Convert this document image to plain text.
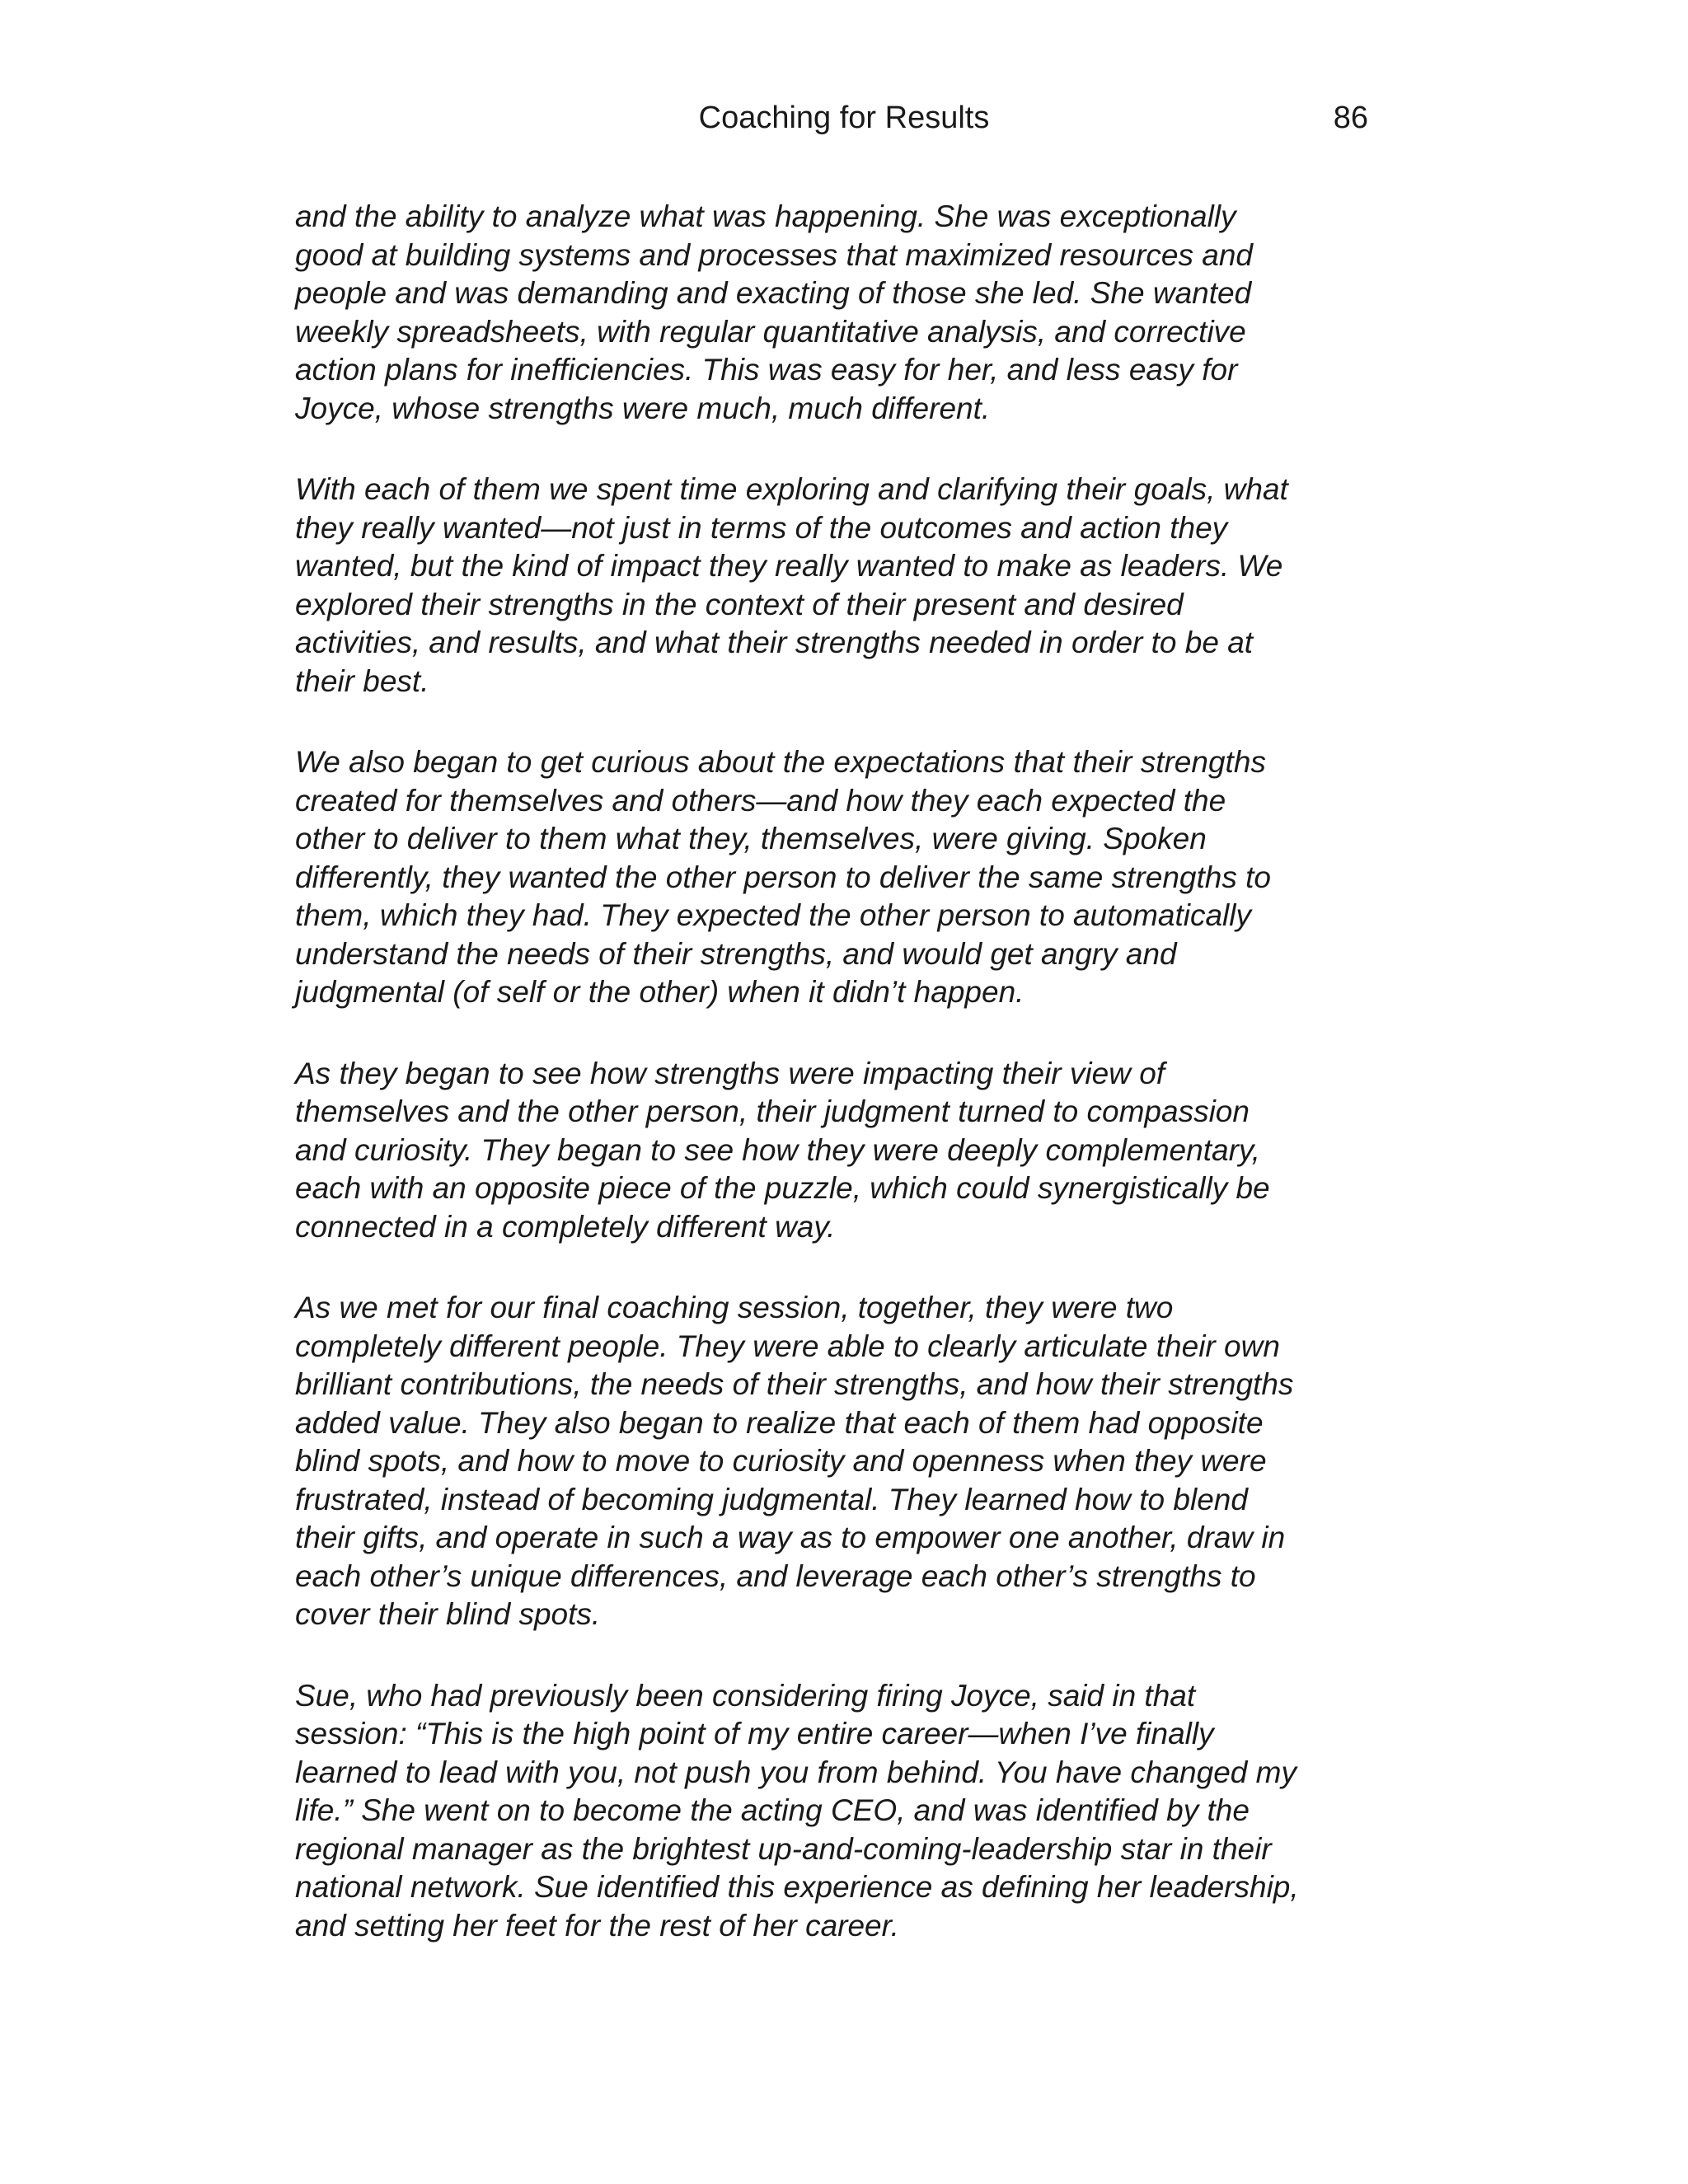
Coaching for Results	86

and the ability to analyze what was happening. She was exceptionally
good at building systems and processes that maximized resources and
people and was demanding and exacting of those she led. She wanted
weekly spreadsheets, with regular quantitative analysis, and corrective
action plans for inefficiencies. This was easy for her, and less easy for
Joyce, whose strengths were much, much different.

With each of them we spent time exploring and clarifying their goals, what
they really wanted—not just in terms of the outcomes and action they
wanted, but the kind of impact they really wanted to make as leaders. We
explored their strengths in the context of their present and desired
activities, and results, and what their strengths needed in order to be at
their best.

We also began to get curious about the expectations that their strengths
created for themselves and others—and how they each expected the
other to deliver to them what they, themselves, were giving. Spoken
differently, they wanted the other person to deliver the same strengths to
them, which they had. They expected the other person to automatically
understand the needs of their strengths, and would get angry and
judgmental (of self or the other) when it didn’t happen.

As they began to see how strengths were impacting their view of
themselves and the other person, their judgment turned to compassion
and curiosity. They began to see how they were deeply complementary,
each with an opposite piece of the puzzle, which could synergistically be
connected in a completely different way.

As we met for our final coaching session, together, they were two
completely different people. They were able to clearly articulate their own
brilliant contributions, the needs of their strengths, and how their strengths
added value. They also began to realize that each of them had opposite
blind spots, and how to move to curiosity and openness when they were
frustrated, instead of becoming judgmental. They learned how to blend
their gifts, and operate in such a way as to empower one another, draw in
each other’s unique differences, and leverage each other’s strengths to
cover their blind spots.

Sue, who had previously been considering firing Joyce, said in that
session: “This is the high point of my entire career—when I’ve finally
learned to lead with you, not push you from behind. You have changed my
life.” She went on to become the acting CEO, and was identified by the
regional manager as the brightest up-and-coming-leadership star in their
national network. Sue identified this experience as defining her leadership,
and setting her feet for the rest of her career.
